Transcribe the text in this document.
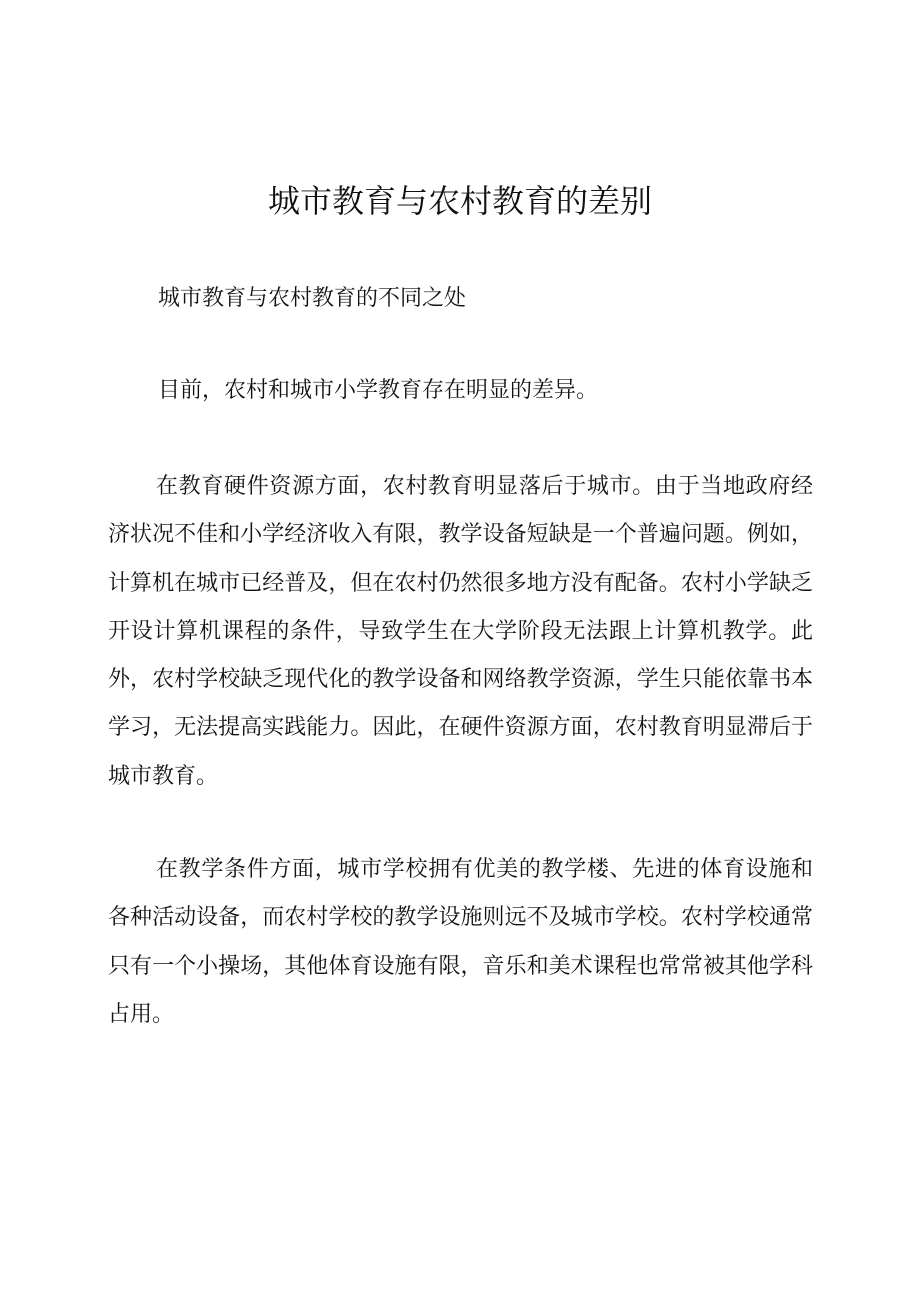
城市教育与农村教育的差别

城市教育与农村教育的不同之处

目前，农村和城市小学教育存在明显的差异。

在教育硬件资源方面，农村教育明显落后于城市。由于当地政府经济状况不佳和小学经济收入有限，教学设备短缺是一个普遍问题。例如，计算机在城市已经普及，但在农村仍然很多地方没有配备。农村小学缺乏开设计算机课程的条件，导致学生在大学阶段无法跟上计算机教学。此外，农村学校缺乏现代化的教学设备和网络教学资源，学生只能依靠书本学习，无法提高实践能力。因此，在硬件资源方面，农村教育明显滞后于城市教育。

在教学条件方面，城市学校拥有优美的教学楼、先进的体育设施和各种活动设备，而农村学校的教学设施则远不及城市学校。农村学校通常只有一个小操场，其他体育设施有限，音乐和美术课程也常常被其他学科占用。
